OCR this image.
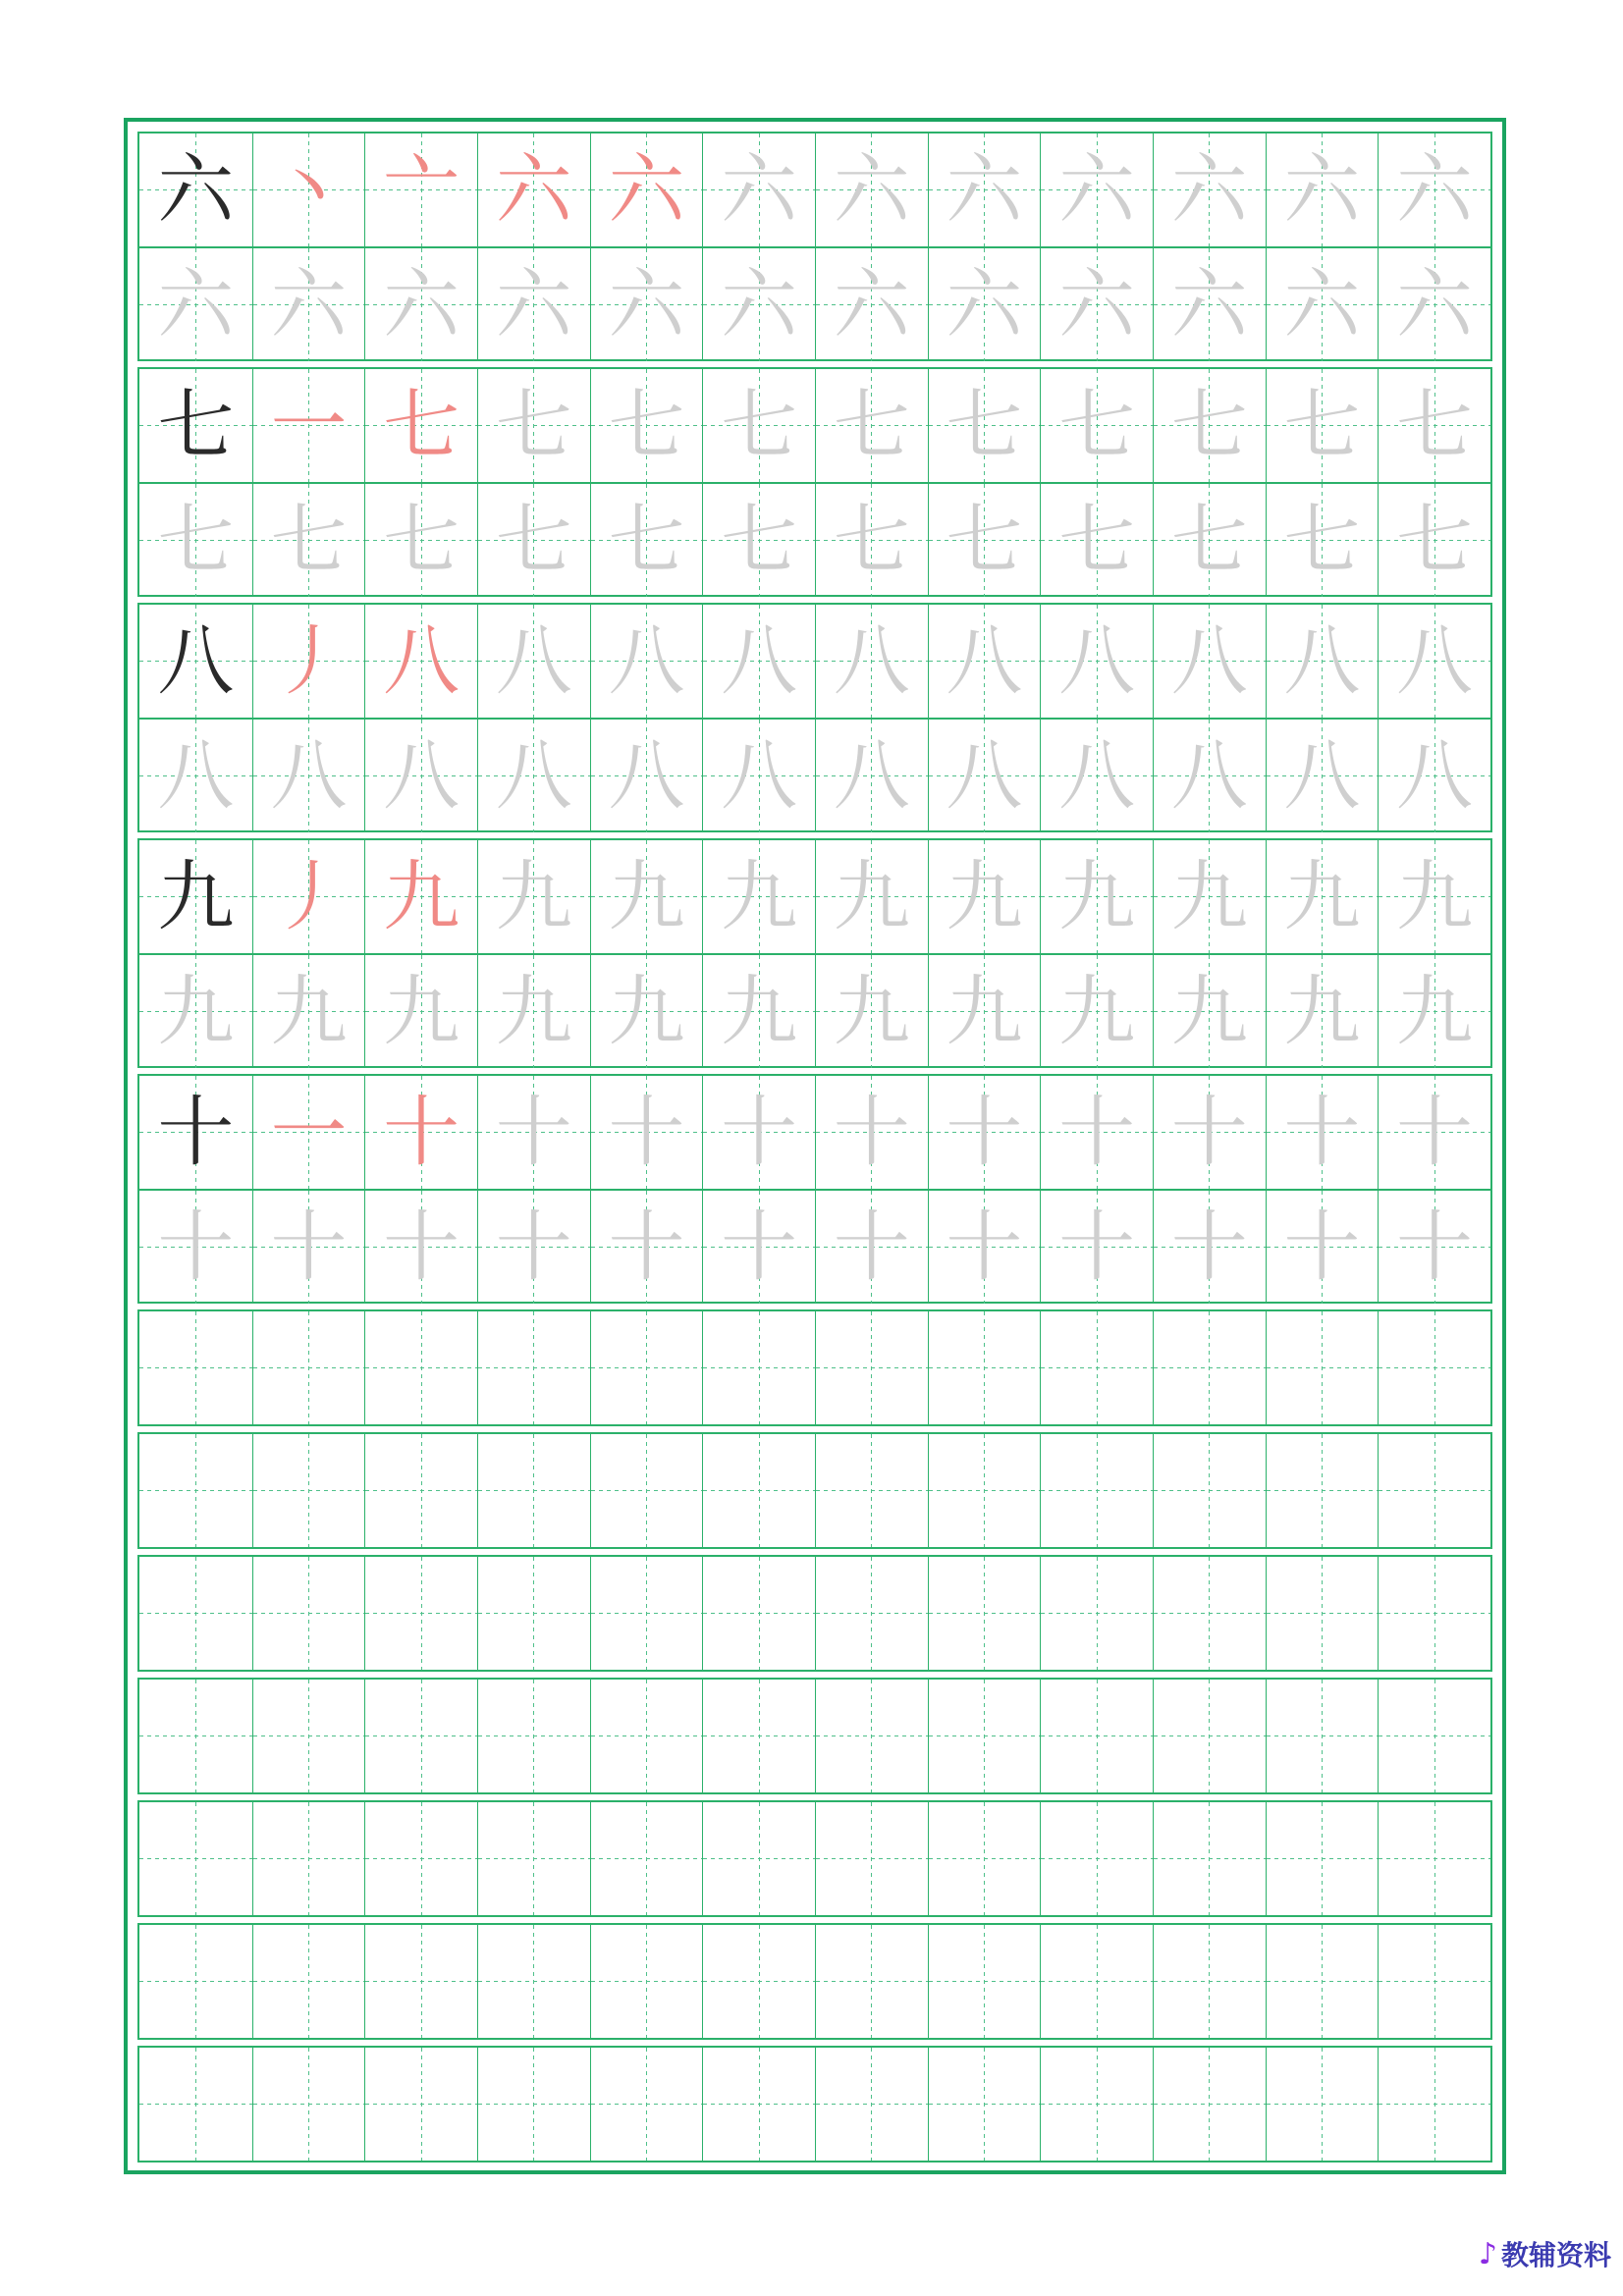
六 丶 亠 六 六 六 六 六 六 六 六 六
六 六 六 六 六 六 六 六 六 六 六 六
七 一 七 七 七 七 七 七 七 七 七 七
七 七 七 七 七 七 七 七 七 七 七 七
八 丿 八 八 八 八 八 八 八 八 八 八
八 八 八 八 八 八 八 八 八 八 八 八
九 丿 九 九 九 九 九 九 九 九 九 九
九 九 九 九 九 九 九 九 九 九 九 九
十 一 十 十 十 十 十 十 十 十 十 十
十 十 十 十 十 十 十 十 十 十 十 十
♪ 教辅资料
